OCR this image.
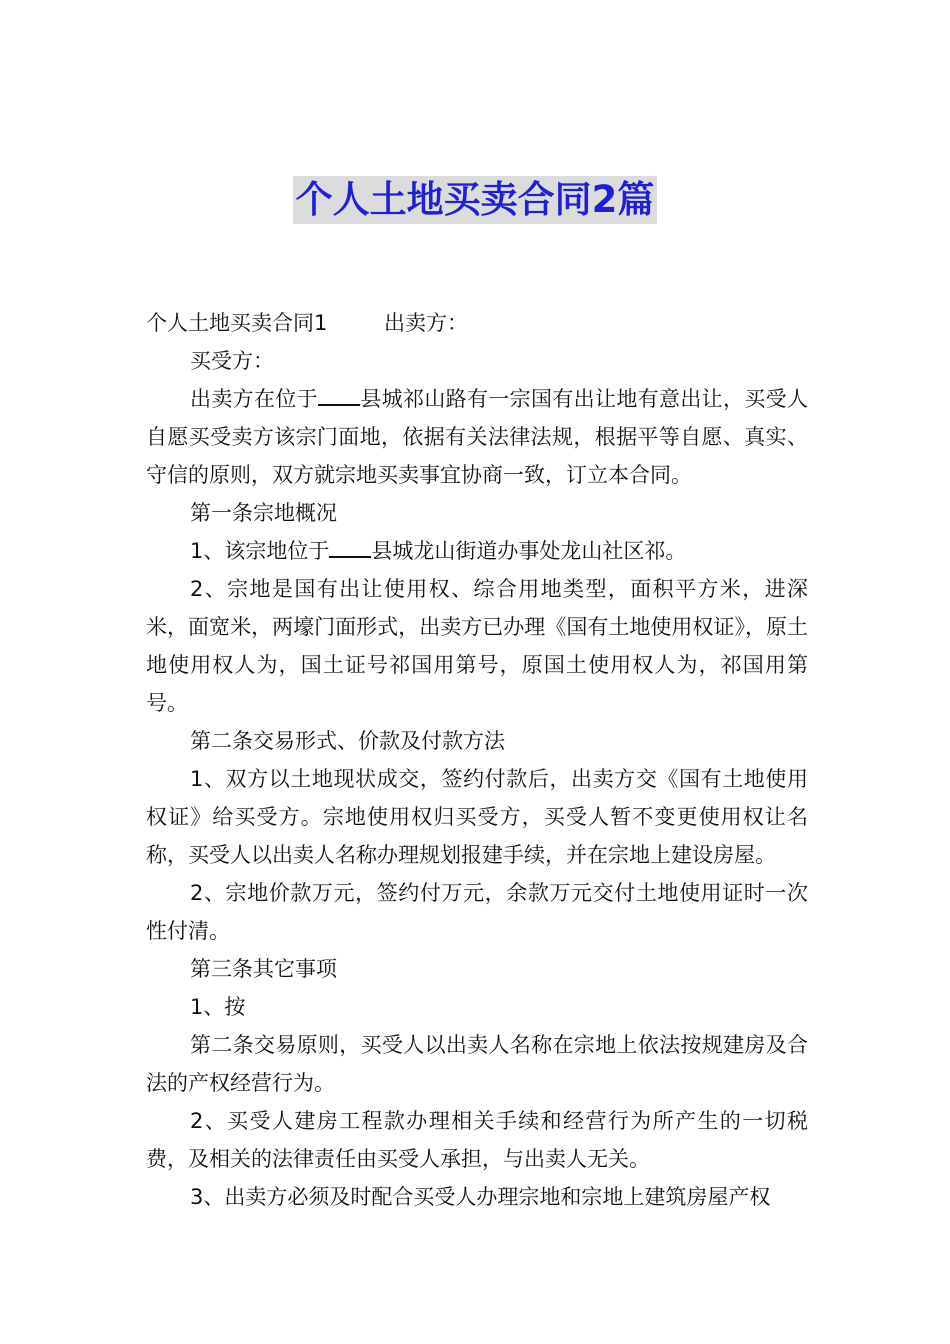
个人土地买卖合同2篇
个人土地买卖合同1	出卖方：

买受方：

出卖方在位于 县城祁山路有一宗国有出让地有意出让，买受人自愿买受卖方该宗门面地，依据有关法律法规，根据平等自愿、真实、守信的原则，双方就宗地买卖事宜协商一致，订立本合同。

第一条宗地概况

1、该宗地位于 县城龙山街道办事处龙山社区祁。

2、宗地是国有出让使用权、综合用地类型，面积平方米，进深米，面宽米，两壕门面形式，出卖方已办理《国有土地使用权证》，原土地使用权人为，国土证号祁国用第号，原国土使用权人为，祁国用第号。

第二条交易形式、价款及付款方法

1、双方以土地现状成交，签约付款后，出卖方交《国有土地使用权证》给买受方。宗地使用权归买受方，买受人暂不变更使用权让名称，买受人以出卖人名称办理规划报建手续，并在宗地上建设房屋。

2、宗地价款万元，签约付万元，余款万元交付土地使用证时一次性付清。

第三条其它事项

1、按

第二条交易原则，买受人以出卖人名称在宗地上依法按规建房及合法的产权经营行为。

2、买受人建房工程款办理相关手续和经营行为所产生的一切税费，及相关的法律责任由买受人承担，与出卖人无关。

3、出卖方必须及时配合买受人办理宗地和宗地上建筑房屋产权
